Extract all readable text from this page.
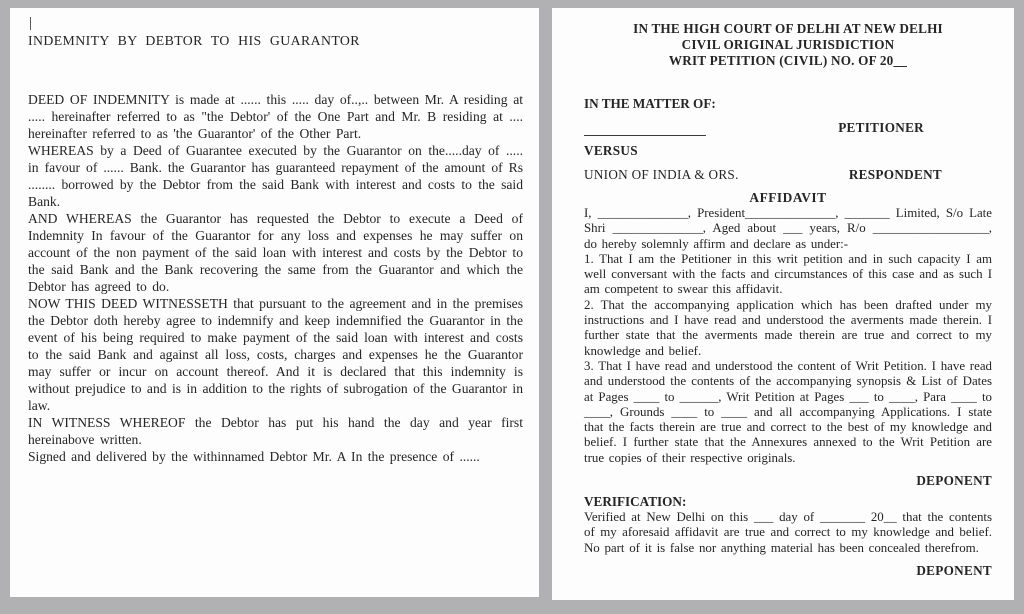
|
INDEMNITY BY DEBTOR TO HIS GUARANTOR

DEED OF INDEMNITY is made at ...... this ..... day of..,.. between Mr. A residing at ..... hereinafter referred to as "the Debtor' of the One Part and Mr. B residing at .... hereinafter referred to as 'the Guarantor' of the Other Part.

WHEREAS by a Deed of Guarantee executed by the Guarantor on the.....day of ..... in favour of ...... Bank. the Guarantor has guaranteed repayment of the amount of Rs ........ borrowed by the Debtor from the said Bank with interest and costs to the said Bank.

AND WHEREAS the Guarantor has requested the Debtor to execute a Deed of Indemnity In favour of the Guarantor for any loss and expenses he may suffer on account of the non payment of the said loan with interest and costs by the Debtor to the said Bank and the Bank recovering the same from the Guarantor and which the Debtor has agreed to do.

NOW THIS DEED WITNESSETH that pursuant to the agreement and in the premises the Debtor doth hereby agree to indemnify and keep indemnified the Guarantor in the event of his being required to make payment of the said loan with interest and costs to the said Bank and against all loss, costs, charges and expenses he the Guarantor may suffer or incur on account thereof. And it is declared that this indemnity is without prejudice to and is in addition to the rights of subrogation of the Guarantor in law.

IN WITNESS WHEREOF the Debtor has put his hand the day and year first hereinabove written.

Signed and delivered by the withinnamed Debtor Mr. A In the presence of ......

IN THE HIGH COURT OF DELHI AT NEW DELHI
CIVIL ORIGINAL JURISDICTION
WRIT PETITION (CIVIL) NO. OF 20__
IN THE MATTER OF:
PETITIONER
VERSUS
UNION OF INDIA & ORS.	RESPONDENT
AFFIDAVIT

I, ______________, President______________, _______ Limited, S/o Late Shri ______________, Aged about ___ years, R/o __________________, do hereby solemnly affirm and declare as under:-

1. That I am the Petitioner in this writ petition and in such capacity I am well conversant with the facts and circumstances of this case and as such I am competent to swear this affidavit.

2. That the accompanying application which has been drafted under my instructions and I have read and understood the averments made therein. I further state that the averments made therein are true and correct to my knowledge and belief.

3. That I have read and understood the content of Writ Petition. I have read and understood the contents of the accompanying synopsis & List of Dates at Pages ____ to ______, Writ Petition at Pages ___ to ____, Para ____ to ____, Grounds ____ to ____ and all accompanying Applications. I state that the facts therein are true and correct to the best of my knowledge and belief. I further state that the Annexures annexed to the Writ Petition are true copies of their respective originals.

DEPONENT
VERIFICATION:

Verified at New Delhi on this ___ day of _______ 20__ that the contents of my aforesaid affidavit are true and correct to my knowledge and belief. No part of it is false nor anything material has been concealed therefrom.

DEPONENT
